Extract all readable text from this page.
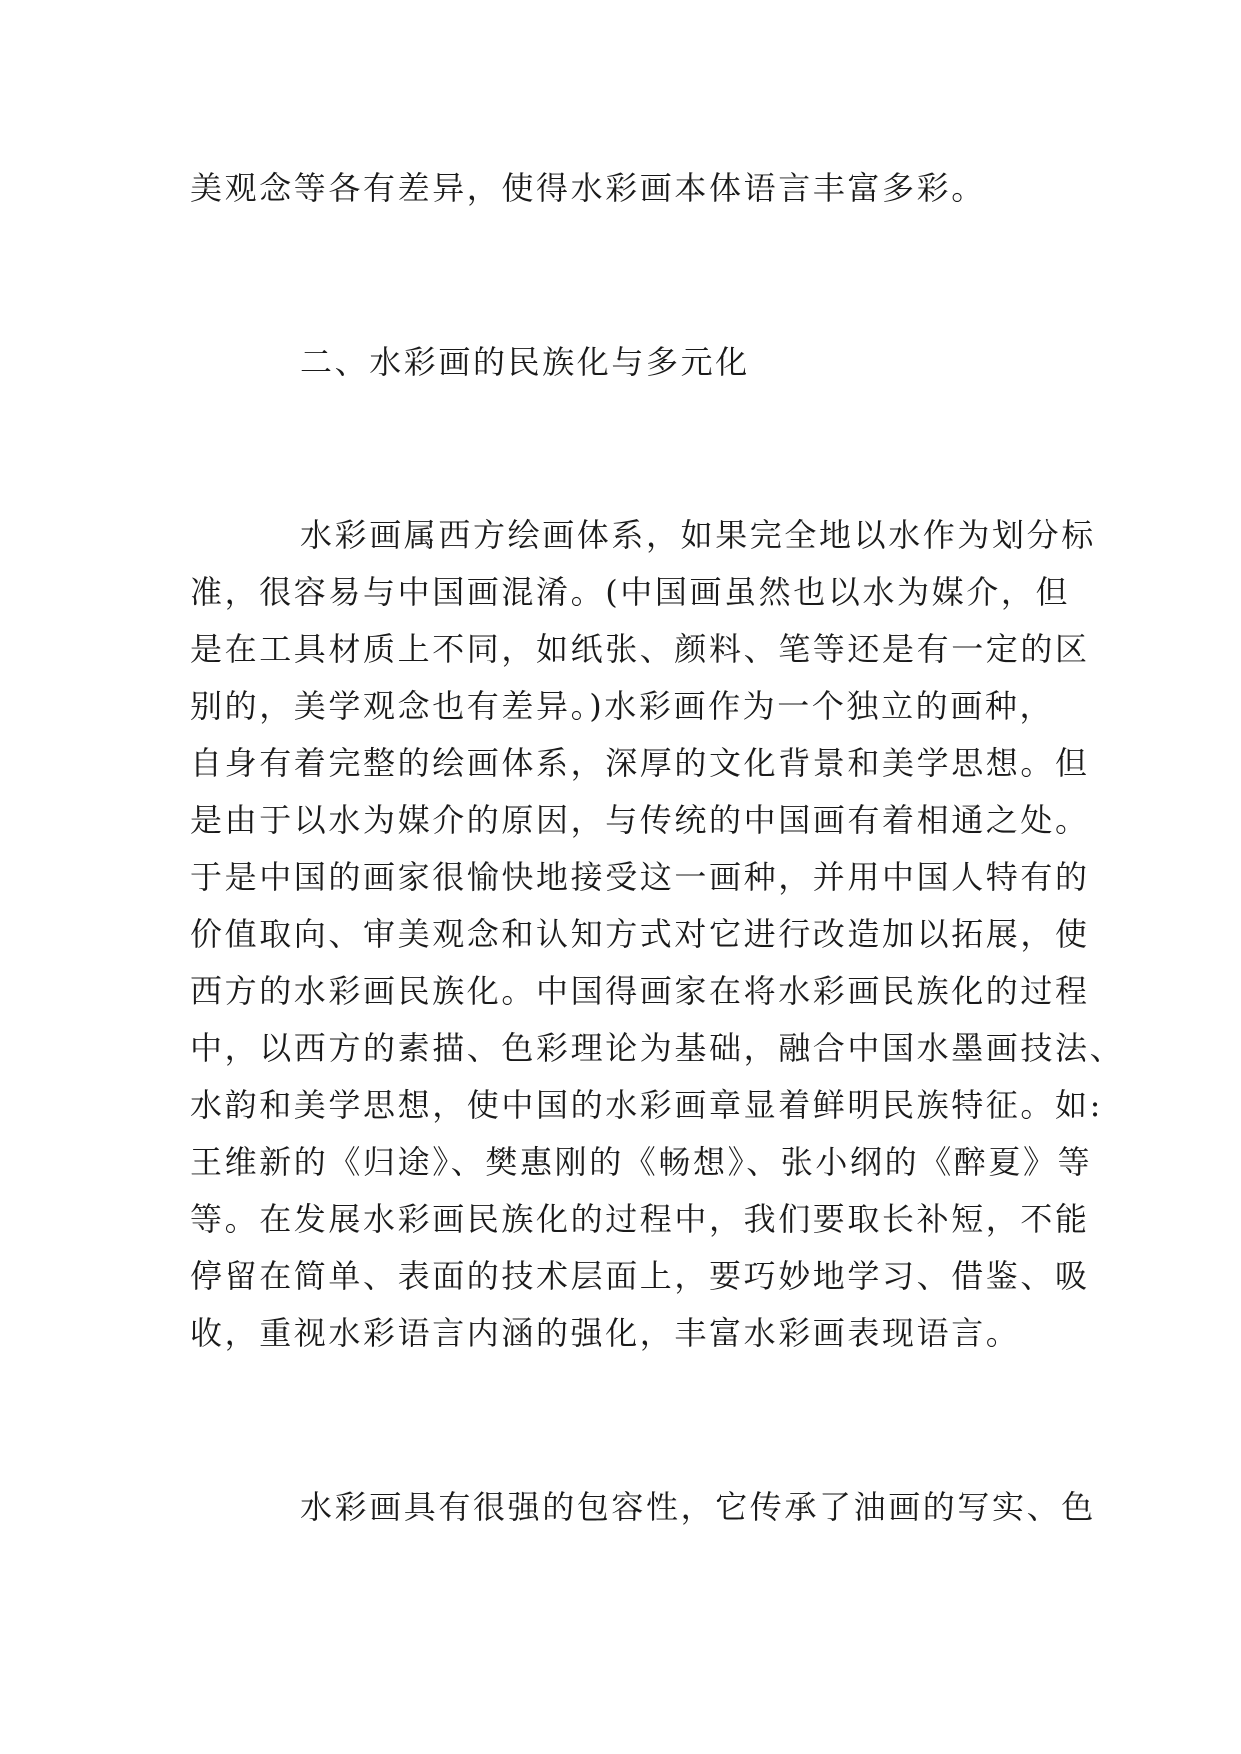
美观念等各有差异，使得水彩画本体语言丰富多彩。
二、水彩画的民族化与多元化
水彩画属西方绘画体系，如果完全地以水作为划分标
准，很容易与中国画混淆。(中国画虽然也以水为媒介，但
是在工具材质上不同，如纸张、颜料、笔等还是有一定的区
别的，美学观念也有差异。)水彩画作为一个独立的画种，
自身有着完整的绘画体系，深厚的文化背景和美学思想。但
是由于以水为媒介的原因，与传统的中国画有着相通之处。
于是中国的画家很愉快地接受这一画种，并用中国人特有的
价值取向、审美观念和认知方式对它进行改造加以拓展，使
西方的水彩画民族化。中国得画家在将水彩画民族化的过程
中，以西方的素描、色彩理论为基础，融合中国水墨画技法、
水韵和美学思想，使中国的水彩画章显着鲜明民族特征。如:
王维新的《归途》、樊惠刚的《畅想》、张小纲的《醉夏》等
等。在发展水彩画民族化的过程中，我们要取长补短，不能
停留在简单、表面的技术层面上，要巧妙地学习、借鉴、吸
收，重视水彩语言内涵的强化，丰富水彩画表现语言。
水彩画具有很强的包容性，它传承了油画的写实、色
